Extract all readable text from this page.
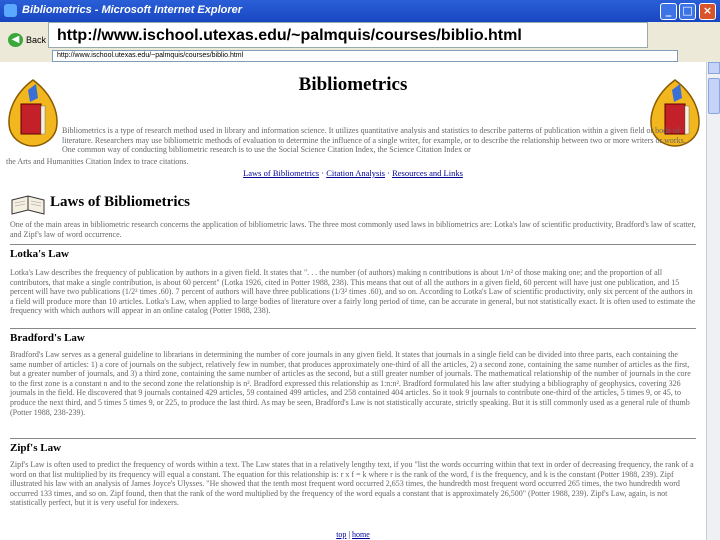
Bibliometrics - Microsoft Internet Explorer	_	□ ×
◀ Back
http://www.ischool.utexas.edu/~palmquis/courses/biblio.html
http://www.ischool.utexas.edu/~palmquis/courses/biblio.html
Bibliometrics
Bibliometrics is a type of research method used in library and information science. It utilizes quantitative analysis and statistics to describe patterns of publication within a given field or body of literature. Researchers may use bibliometric methods of evaluation to determine the influence of a single writer, for example, or to describe the relationship between two or more writers or works. One common way of conducting bibliometric research is to use the Social Science Citation Index, the Science Citation Index or
the Arts and Humanities Citation Index to trace citations.
Laws of Bibliometrics · Citation Analysis · Resources and Links
Laws of Bibliometrics
One of the main areas in bibliometric research concerns the application of bibliometric laws. The three most commonly used laws in bibliometrics are: Lotka's law of scientific productivity, Bradford's law of scatter, and Zipf's law of word occurrence.
Lotka's Law
Lotka's Law describes the frequency of publication by authors in a given field. It states that ". . . the number (of authors) making n contributions is about 1/n² of those making one; and the proportion of all contributors, that make a single contribution, is about 60 percent" (Lotka 1926, cited in Potter 1988, 238). This means that out of all the authors in a given field, 60 percent will have just one publication, and 15 percent will have two publications (1/2² times .60). 7 percent of authors will have three publications (1/3² times .60), and so on. According to Lotka's Law of scientific productivity, only six percent of the authors in a field will produce more than 10 articles. Lotka's Law, when applied to large bodies of literature over a fairly long period of time, can be accurate in general, but not statistically exact. It is often used to estimate the frequency with which authors will appear in an online catalog (Potter 1988, 238).
Bradford's Law
Bradford's Law serves as a general guideline to librarians in determining the number of core journals in any given field. It states that journals in a single field can be divided into three parts, each containing the same number of articles: 1) a core of journals on the subject, relatively few in number, that produces approximately one-third of all the articles, 2) a second zone, containing the same number of articles as the first, but a greater number of journals, and 3) a third zone, containing the same number of articles as the second, but a still greater number of journals. The mathematical relationship of the number of journals in the core to the first zone is a constant n and to the second zone the relationship is n². Bradford expressed this relationship as 1:n:n². Bradford formulated his law after studying a bibliography of geophysics, covering 326 journals in the field. He discovered that 9 journals contained 429 articles, 59 contained 499 articles, and 258 contained 404 articles. So it took 9 journals to contribute one-third of the articles, 5 times 9, or 45, to produce the next third, and 5 times 5 times 9, or 225, to produce the last third. As may be seen, Bradford's Law is not statistically accurate, strictly speaking. But it is still commonly used as a general rule of thumb (Potter 1988, 238-239).
Zipf's Law
Zipf's Law is often used to predict the frequency of words within a text. The Law states that in a relatively lengthy text, if you "list the words occurring within that text in order of decreasing frequency, the rank of a word on that list multiplied by its frequency will equal a constant. The equation for this relationship is: r x f = k where r is the rank of the word, f is the frequency, and k is the constant (Potter 1988, 239). Zipf illustrated his law with an analysis of James Joyce's Ulysses. "He showed that the tenth most frequent word occurred 2,653 times, the hundredth most frequent word occurred 265 times, the two hundredth word occurred 133 times, and so on. Zipf found, then that the rank of the word multiplied by the frequency of the word equals a constant that is approximately 26,500" (Potter 1988, 239). Zipf's Law, again, is not statistically perfect, but it is very useful for indexers.
top | home
